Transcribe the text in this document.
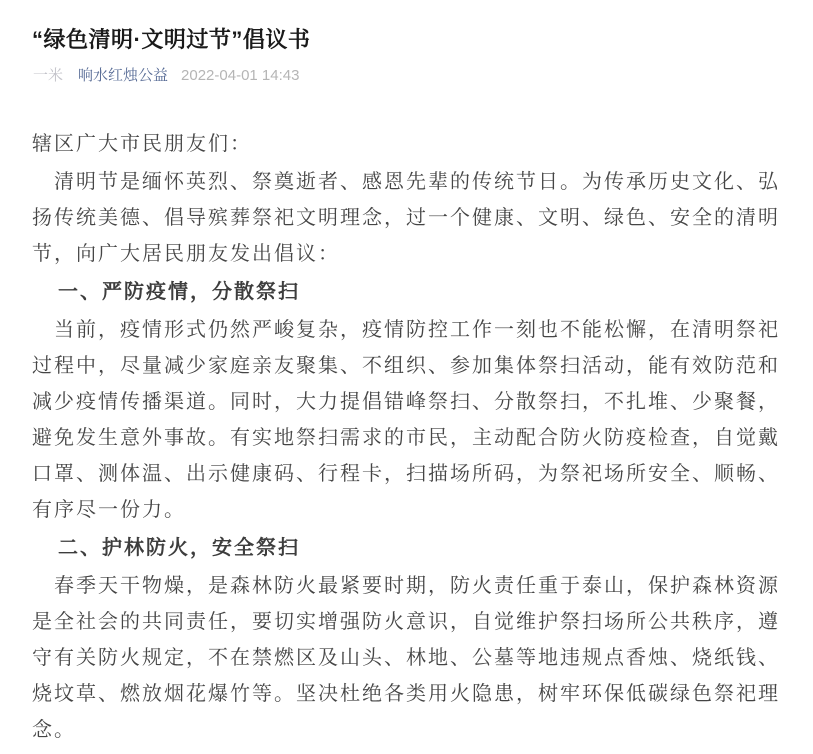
“绿色清明·文明过节”倡议书
一米 响水红烛公益 2022-04-01 14:43

辖区广大市民朋友们：

清明节是缅怀英烈、祭奠逝者、感恩先辈的传统节日。为传承历史文化、弘扬传统美德、倡导殡葬祭祀文明理念，过一个健康、文明、绿色、安全的清明节，向广大居民朋友发出倡议：

一、严防疫情，分散祭扫

当前，疫情形式仍然严峻复杂，疫情防控工作一刻也不能松懈，在清明祭祀过程中，尽量减少家庭亲友聚集、不组织、参加集体祭扫活动，能有效防范和减少疫情传播渠道。同时，大力提倡错峰祭扫、分散祭扫，不扎堆、少聚餐，避免发生意外事故。有实地祭扫需求的市民，主动配合防火防疫检查，自觉戴口罩、测体温、出示健康码、行程卡，扫描场所码，为祭祀场所安全、顺畅、有序尽一份力。

二、护林防火，安全祭扫

春季天干物燥，是森林防火最紧要时期，防火责任重于泰山，保护森林资源是全社会的共同责任，要切实增强防火意识，自觉维护祭扫场所公共秩序，遵守有关防火规定，不在禁燃区及山头、林地、公墓等地违规点香烛、烧纸钱、烧坟草、燃放烟花爆竹等。坚决杜绝各类用火隐患，树牢环保低碳绿色祭祀理念。
